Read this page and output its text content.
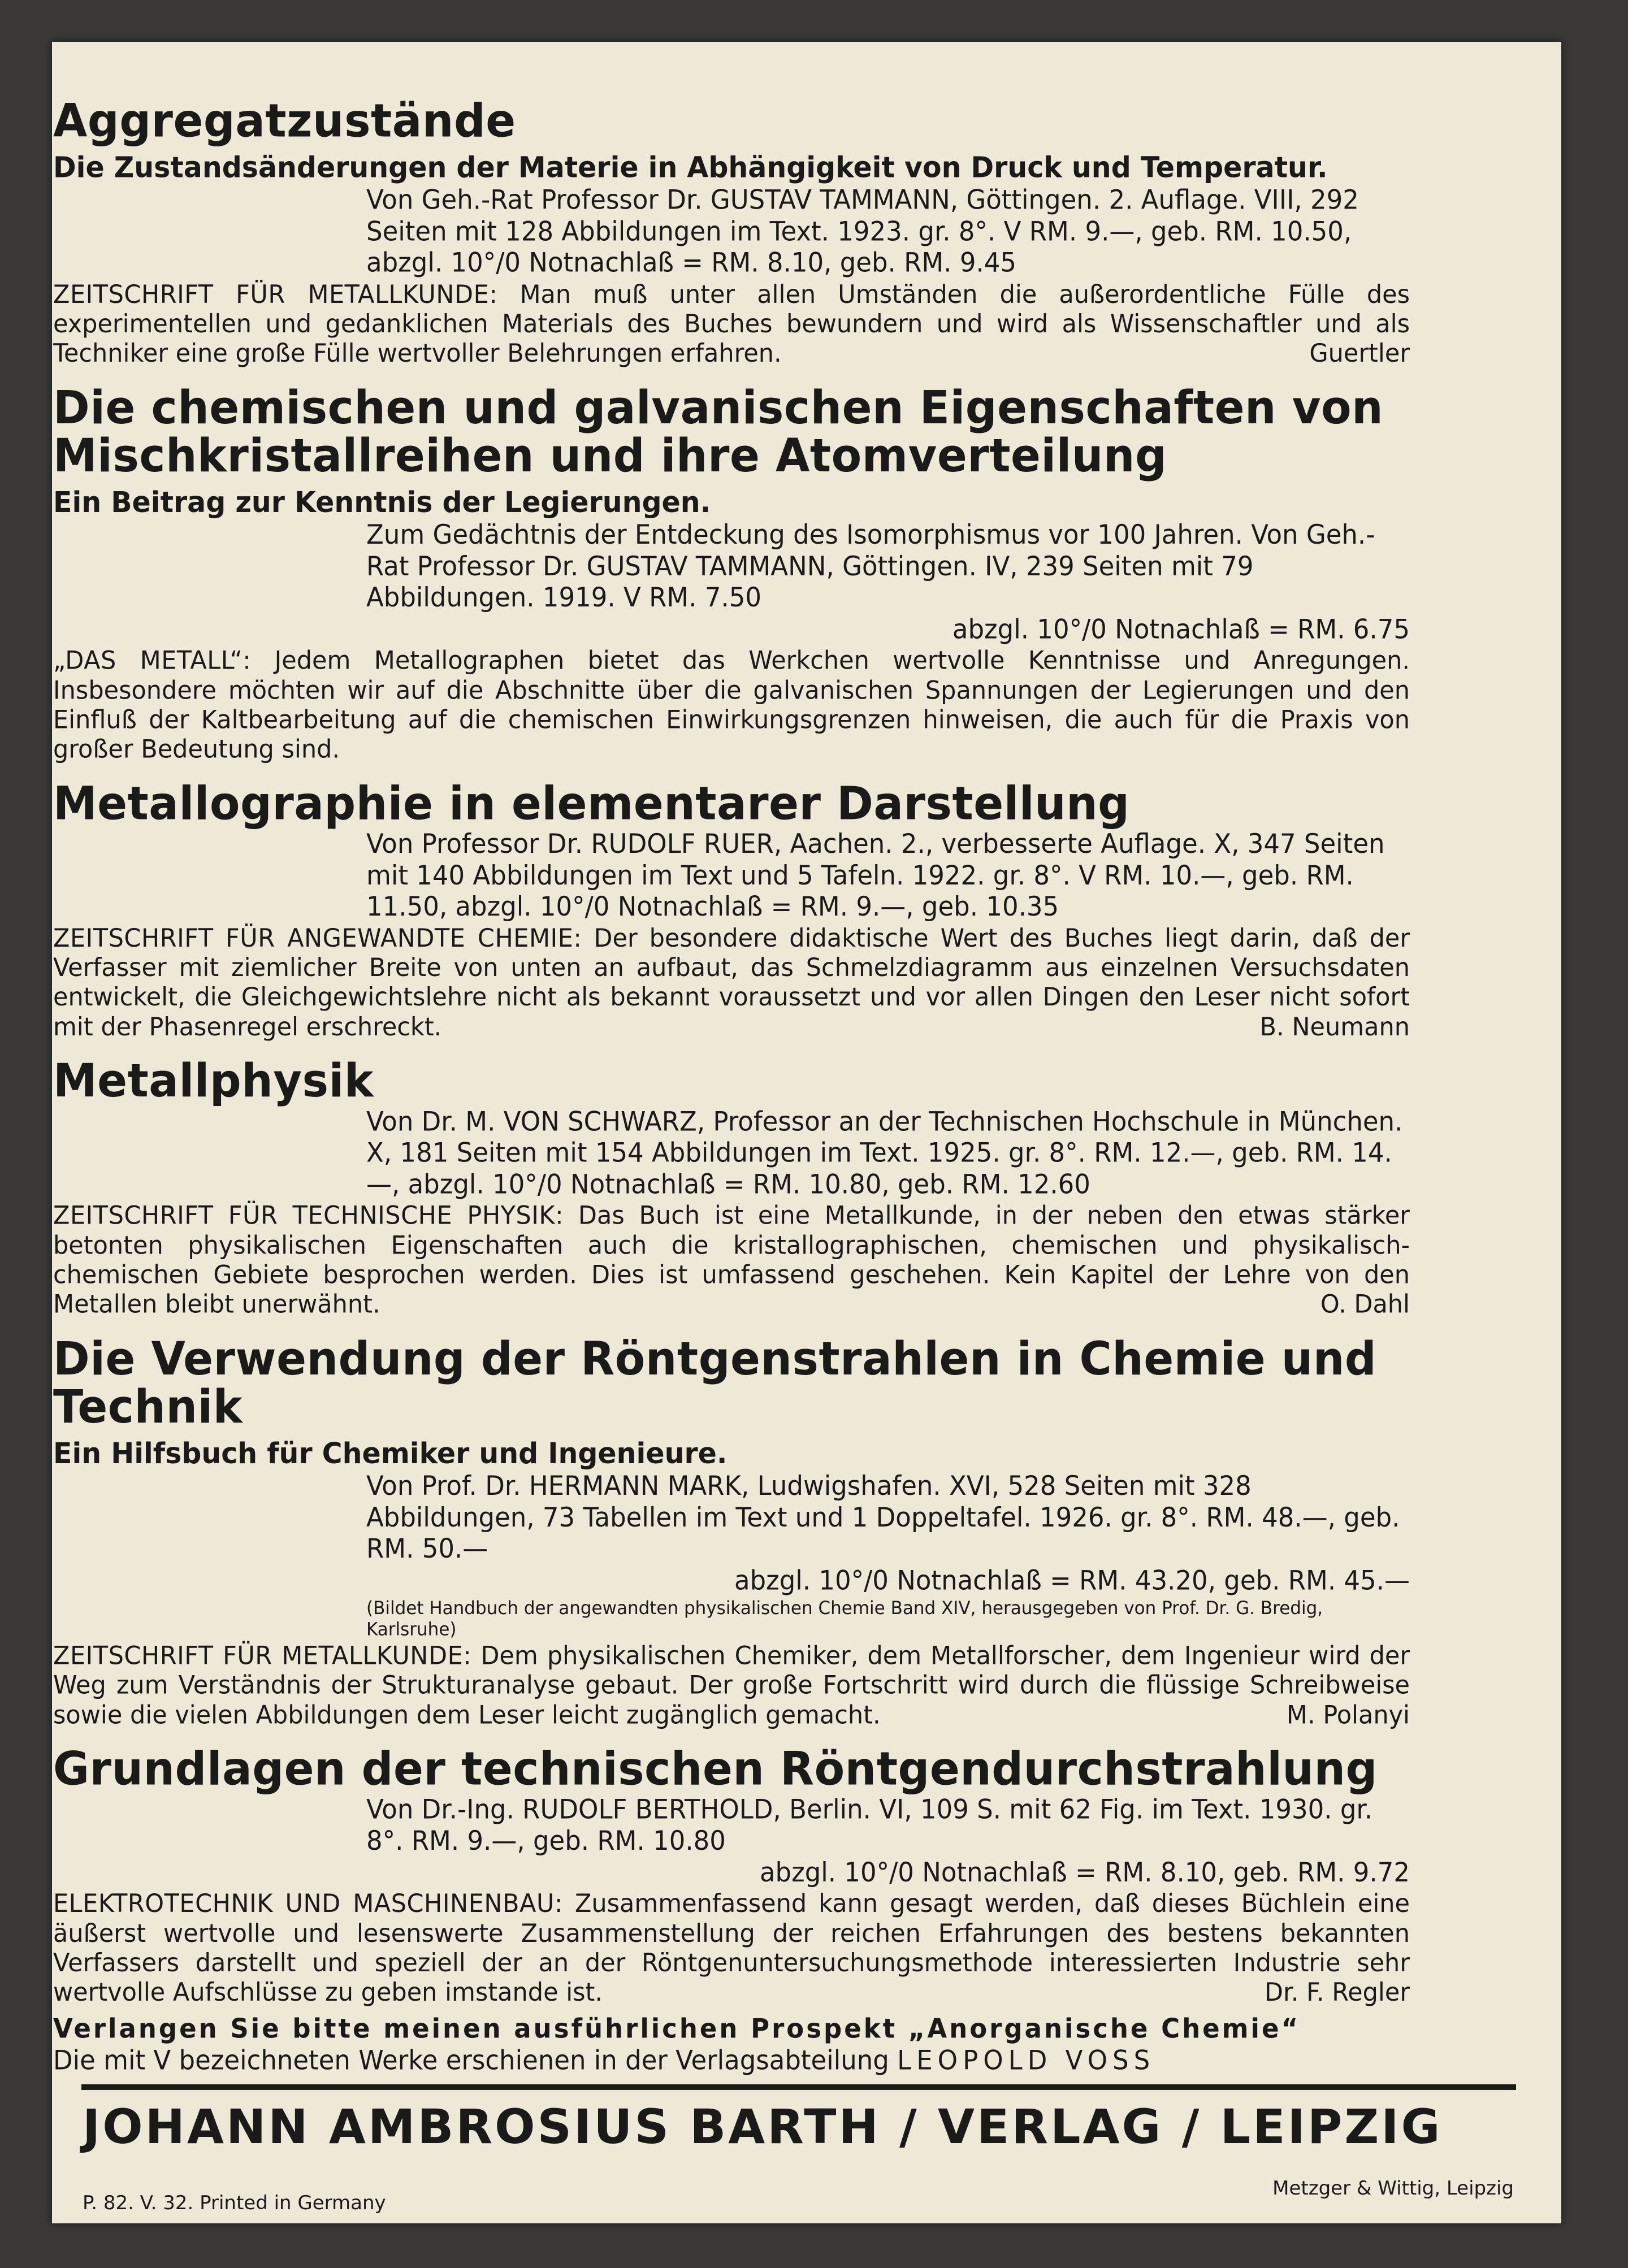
Aggregatzustände

Die Zustandsänderungen der Materie in Abhängigkeit von Druck und Temperatur.

Von Geh.-Rat Professor Dr. GUSTAV TAMMANN, Göttingen. 2. Auflage. VIII, 292 Seiten mit 128 Abbildungen im Text. 1923. gr. 8°. V RM. 9.—, geb. RM. 10.50, abzgl. 10°/0 Notnachlaß = RM. 8.10, geb. RM. 9.45

ZEITSCHRIFT FÜR METALLKUNDE: Man muß unter allen Umständen die außerordentliche Fülle des experimentellen und gedanklichen Materials des Buches bewundern und wird als Wissenschaftler und als Techniker eine große Fülle wertvoller Belehrungen erfahren.	Guertler

Die chemischen und galvanischen Eigenschaften von Mischkristallreihen und ihre Atomverteilung

Ein Beitrag zur Kenntnis der Legierungen.

Zum Gedächtnis der Entdeckung des Isomorphismus vor 100 Jahren. Von Geh.-Rat Professor Dr. GUSTAV TAMMANN, Göttingen. IV, 239 Seiten mit 79 Abbildungen. 1919. V RM. 7.50

abzgl. 10°/0 Notnachlaß = RM. 6.75

„DAS METALL“: Jedem Metallographen bietet das Werkchen wertvolle Kenntnisse und Anregungen. Insbesondere möchten wir auf die Abschnitte über die galvanischen Spannungen der Legierungen und den Einfluß der Kaltbearbeitung auf die chemischen Einwirkungsgrenzen hinweisen, die auch für die Praxis von großer Bedeutung sind.

Metallographie in elementarer Darstellung

Von Professor Dr. RUDOLF RUER, Aachen. 2., verbesserte Auflage. X, 347 Seiten mit 140 Abbildungen im Text und 5 Tafeln. 1922. gr. 8°. V RM. 10.—, geb. RM. 11.50, abzgl. 10°/0 Notnachlaß = RM. 9.—, geb. 10.35

ZEITSCHRIFT FÜR ANGEWANDTE CHEMIE: Der besondere didaktische Wert des Buches liegt darin, daß der Verfasser mit ziemlicher Breite von unten an aufbaut, das Schmelzdiagramm aus einzelnen Versuchsdaten entwickelt, die Gleichgewichtslehre nicht als bekannt voraussetzt und vor allen Dingen den Leser nicht sofort mit der Phasenregel erschreckt.	B. Neumann

Metallphysik

Von Dr. M. VON SCHWARZ, Professor an der Technischen Hochschule in München. X, 181 Seiten mit 154 Abbildungen im Text. 1925. gr. 8°. RM. 12.—, geb. RM. 14.—, abzgl. 10°/0 Notnachlaß = RM. 10.80, geb. RM. 12.60

ZEITSCHRIFT FÜR TECHNISCHE PHYSIK: Das Buch ist eine Metallkunde, in der neben den etwas stärker betonten physikalischen Eigenschaften auch die kristallographischen, chemischen und physikalisch-chemischen Gebiete besprochen werden. Dies ist umfassend geschehen. Kein Kapitel der Lehre von den Metallen bleibt unerwähnt.	O. Dahl

Die Verwendung der Röntgenstrahlen in Chemie und Technik

Ein Hilfsbuch für Chemiker und Ingenieure.

Von Prof. Dr. HERMANN MARK, Ludwigshafen. XVI, 528 Seiten mit 328 Abbildungen, 73 Tabellen im Text und 1 Doppeltafel. 1926. gr. 8°. RM. 48.—, geb. RM. 50.—

abzgl. 10°/0 Notnachlaß = RM. 43.20, geb. RM. 45.—

(Bildet Handbuch der angewandten physikalischen Chemie Band XIV, herausgegeben von Prof. Dr. G. Bredig, Karlsruhe)

ZEITSCHRIFT FÜR METALLKUNDE: Dem physikalischen Chemiker, dem Metallforscher, dem Ingenieur wird der Weg zum Verständnis der Strukturanalyse gebaut. Der große Fortschritt wird durch die flüssige Schreibweise sowie die vielen Abbildungen dem Leser leicht zugänglich gemacht.	M. Polanyi

Grundlagen der technischen Röntgendurchstrahlung

Von Dr.-Ing. RUDOLF BERTHOLD, Berlin. VI, 109 S. mit 62 Fig. im Text. 1930. gr. 8°. RM. 9.—, geb. RM. 10.80

abzgl. 10°/0 Notnachlaß = RM. 8.10, geb. RM. 9.72

ELEKTROTECHNIK UND MASCHINENBAU: Zusammenfassend kann gesagt werden, daß dieses Büchlein eine äußerst wertvolle und lesenswerte Zusammenstellung der reichen Erfahrungen des bestens bekannten Verfassers darstellt und speziell der an der Röntgenuntersuchungsmethode interessierten Industrie sehr wertvolle Aufschlüsse zu geben imstande ist.	Dr. F. Regler

Verlangen Sie bitte meinen ausführlichen Prospekt „Anorganische Chemie“
Die mit V bezeichneten Werke erschienen in der Verlagsabteilung LEOPOLD VOSS
JOHANN AMBROSIUS BARTH / VERLAG / LEIPZIG
P. 82. V. 32. Printed in Germany
Metzger & Wittig, Leipzig
